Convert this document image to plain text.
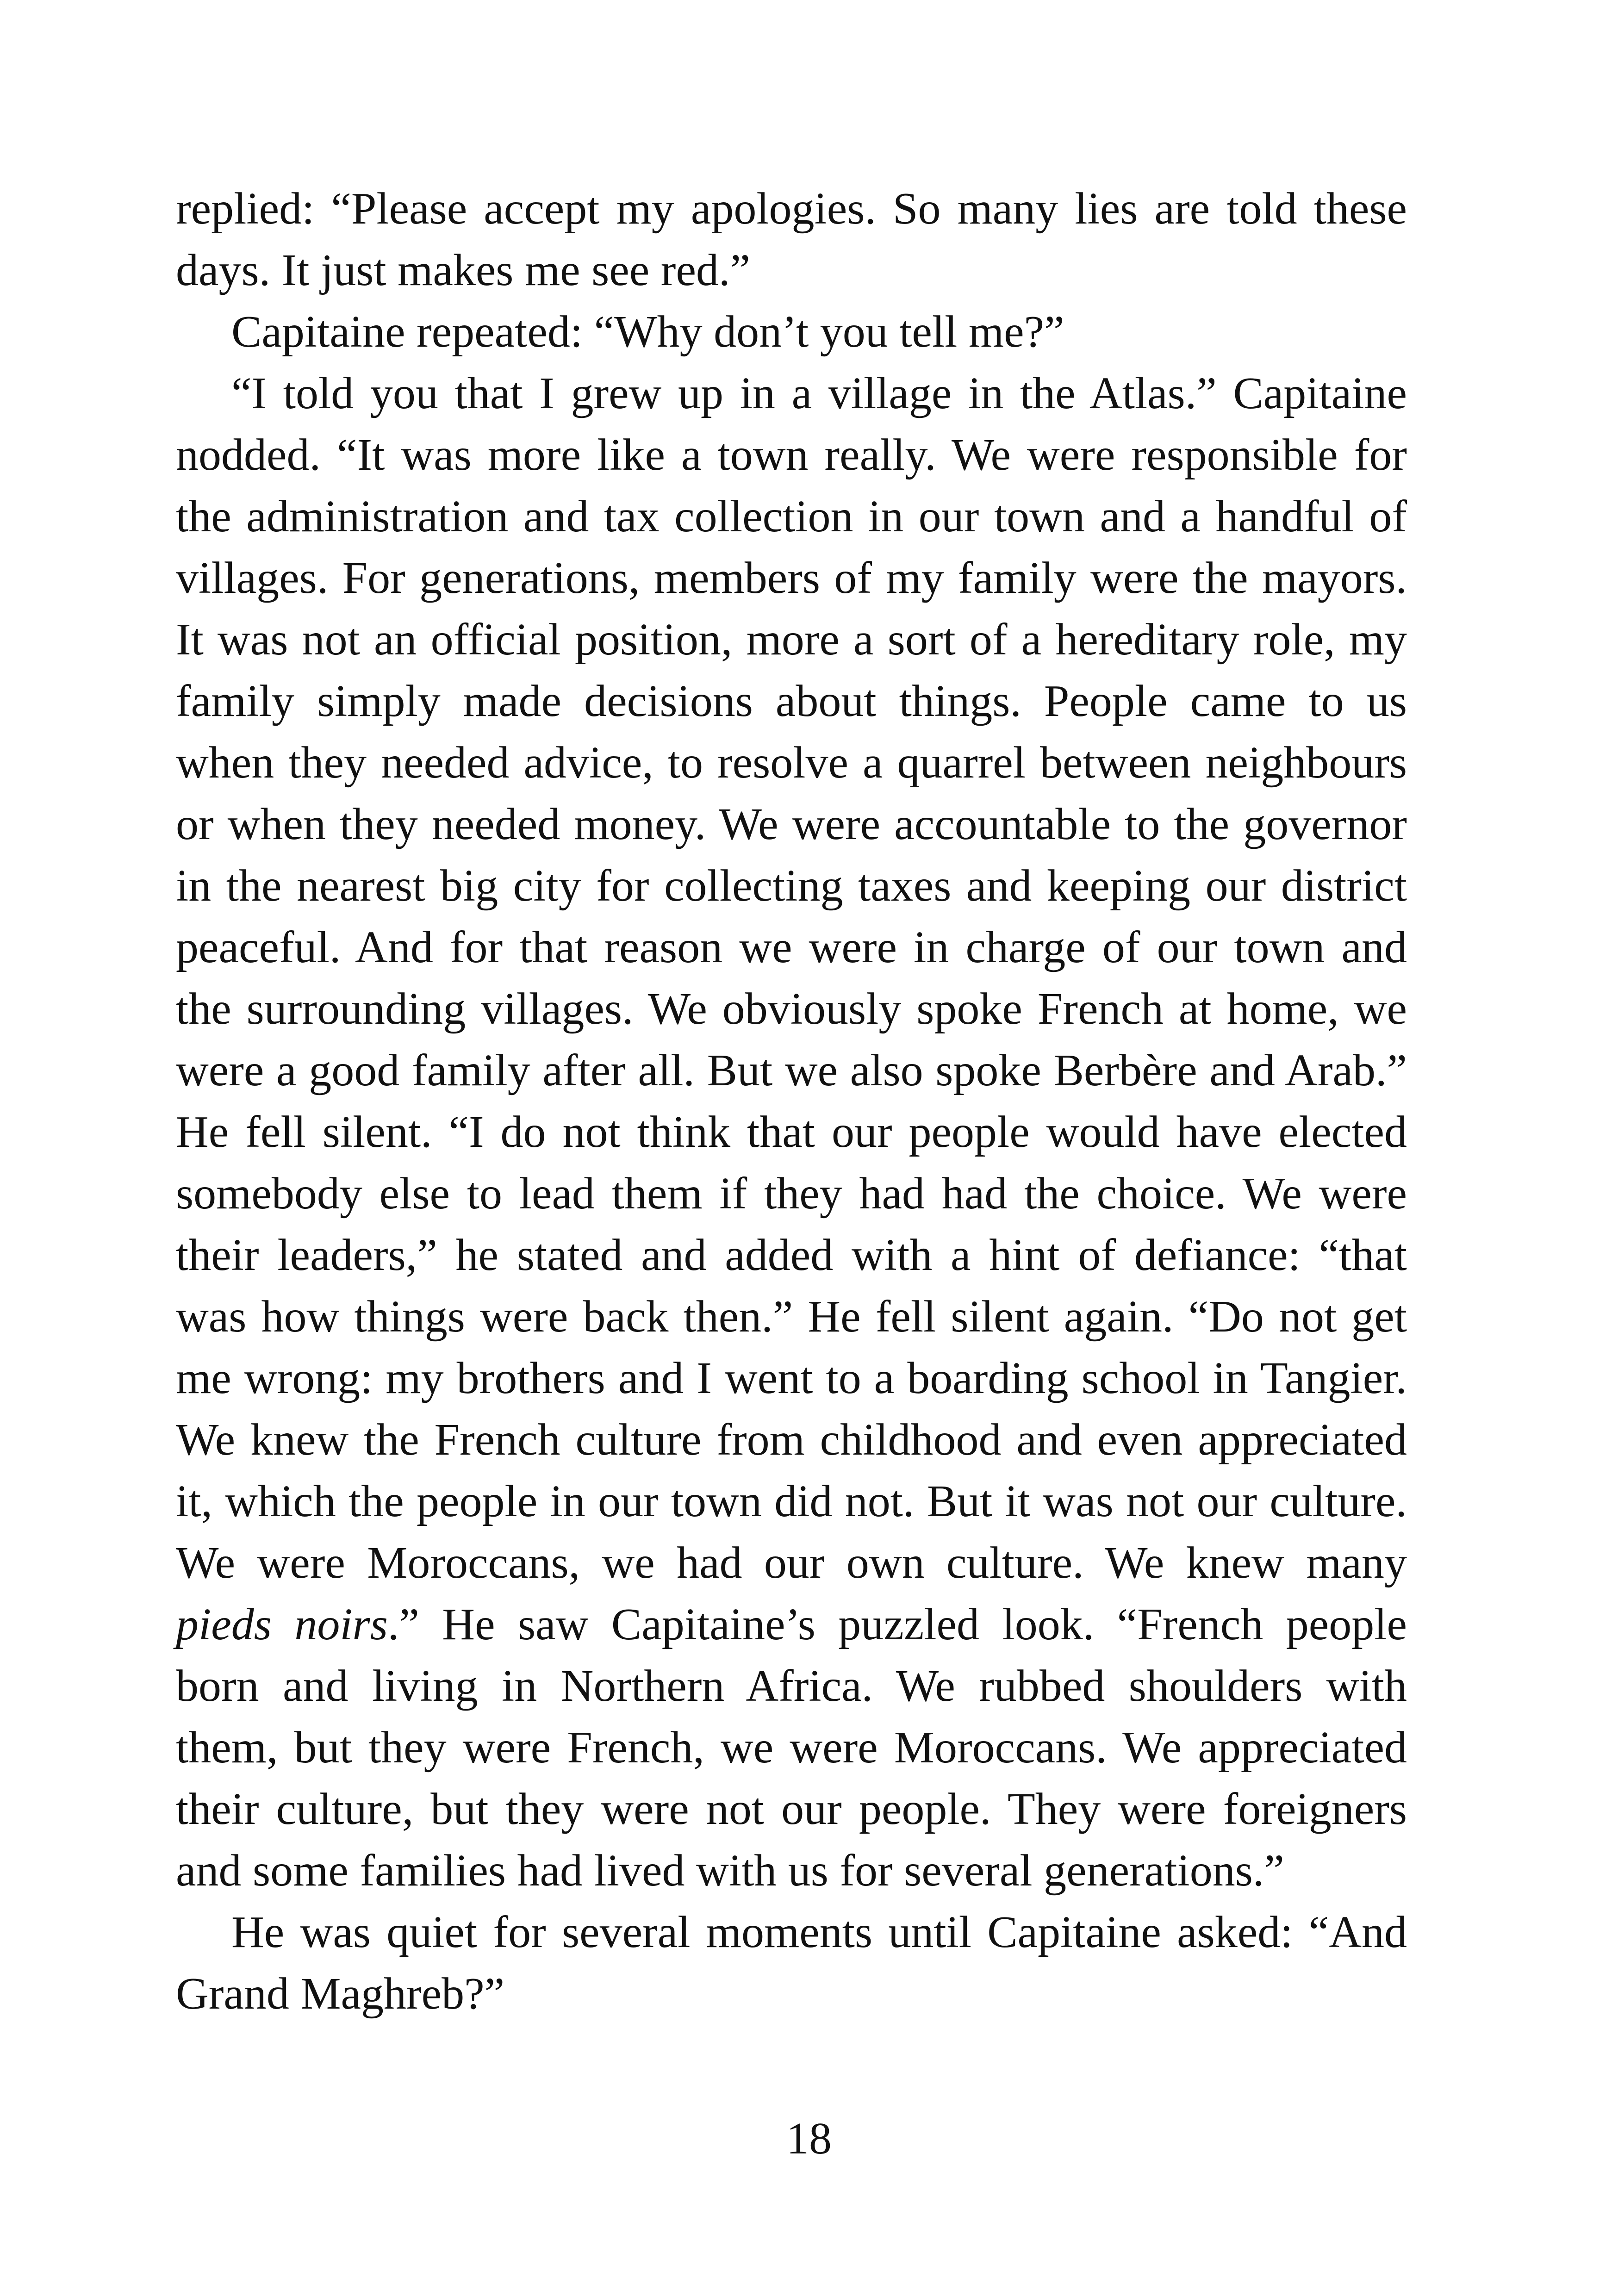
replied: “Please accept my apologies. So many lies are told these days. It just makes me see red.”

Capitaine repeated: “Why don’t you tell me?”

“I told you that I grew up in a village in the Atlas.” Capitaine nodded. “It was more like a town really. We were responsible for the administration and tax collection in our town and a handful of villages. For generations, members of my family were the mayors. It was not an official position, more a sort of a hereditary role, my family simply made decisions about things. People came to us when they needed advice, to resolve a quarrel between neighbours or when they needed money. We were accountable to the governor in the nearest big city for collecting taxes and keeping our district peaceful. And for that reason we were in charge of our town and the surrounding villages. We obviously spoke French at home, we were a good family after all. But we also spoke Berbère and Arab.” He fell silent. “I do not think that our people would have elected somebody else to lead them if they had had the choice. We were their leaders,” he stated and added with a hint of defiance: “that was how things were back then.” He fell silent again. “Do not get me wrong: my brothers and I went to a boarding school in Tangier. We knew the French culture from childhood and even appreciated it, which the people in our town did not. But it was not our culture. We were Moroccans, we had our own culture. We knew many pieds noirs.” He saw Capitaine’s puzzled look. “French people born and living in Northern Africa. We rubbed shoulders with them, but they were French, we were Moroccans. We appreciated their culture, but they were not our people. They were foreigners and some families had lived with us for several generations.”

He was quiet for several moments until Capitaine asked: “And Grand Maghreb?”

18
